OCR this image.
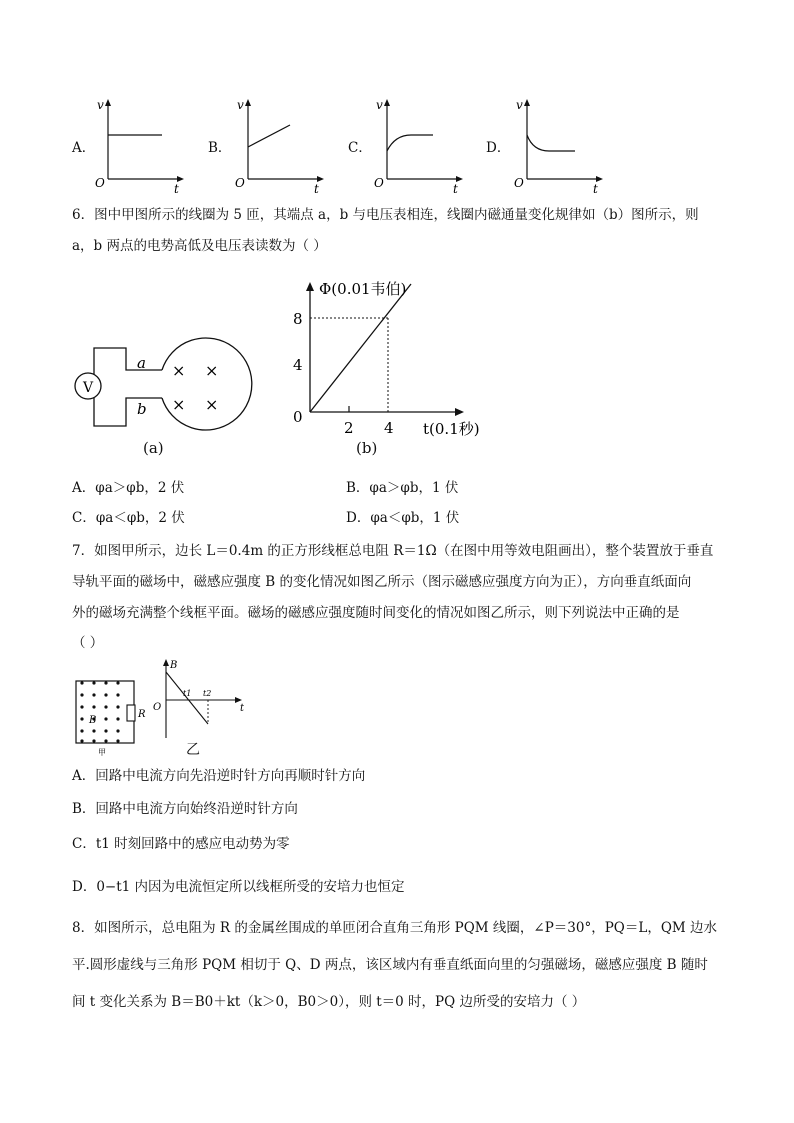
A．	B．	C．	D．
v
t
O
v
t
O
v
t
O
v
t
O
6．图中甲图所示的线圈为 5 匝，其端点 a，b 与电压表相连，线圈内磁通量变化规律如（b）图所示，则
a，b 两点的电势高低及电压表读数为（ ）
V
a
b
× ×
× ×
(a)
Φ(0.01韦伯)
t(0.1秒)
8
4
0
2 4
(b)
A．φa＞φb，2 伏	B．φa＞φb，1 伏
C．φa＜φb，2 伏	D．φa＜φb，1 伏
7．如图甲所示，边长 L＝0.4m 的正方形线框总电阻 R＝1Ω（在图中用等效电阻画出），整个装置放于垂直
导轨平面的磁场中，磁感应强度 B 的变化情况如图乙所示（图示磁感应强度方向为正），方向垂直纸面向
外的磁场充满整个线框平面。磁场的磁感应强度随时间变化的情况如图乙所示，则下列说法中正确的是
（ ）
B
R
甲
B
O	t
t1 t2
乙
A．回路中电流方向先沿逆时针方向再顺时针方向
B．回路中电流方向始终沿逆时针方向
C．t1 时刻回路中的感应电动势为零
D．0−t1 内因为电流恒定所以线框所受的安培力也恒定
8．如图所示，总电阻为 R 的金属丝围成的单匝闭合直角三角形 PQM 线圈，∠P＝30°，PQ＝L，QM 边水
平.圆形虚线与三角形 PQM 相切于 Q、D 两点，该区域内有垂直纸面向里的匀强磁场，磁感应强度 B 随时
间 t 变化关系为 B＝B0＋kt（k＞0，B0＞0），则 t＝0 时，PQ 边所受的安培力（ ）
